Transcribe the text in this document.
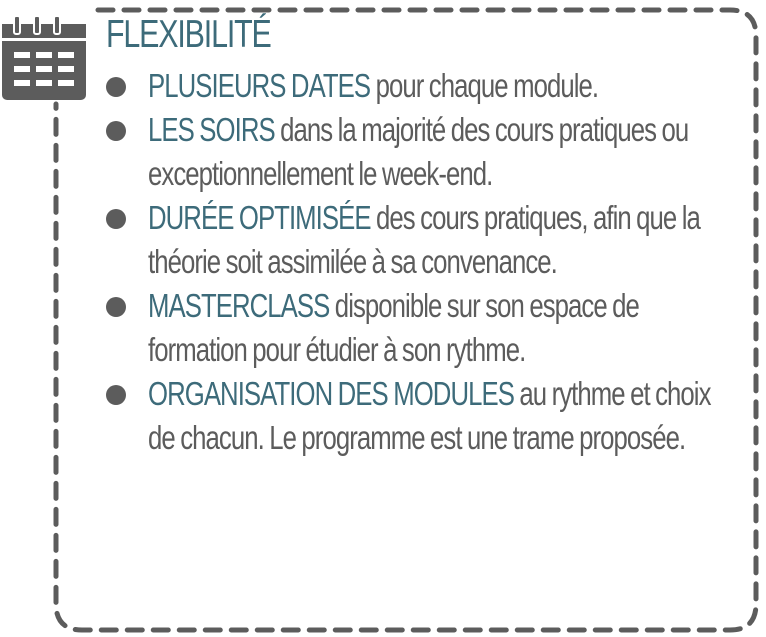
FLEXIBILITÉ
PLUSIEURS DATES pour chaque module.
LES SOIRS dans la majorité des cours pratiques ou exceptionnellement le week-end.
DURÉE OPTIMISÉE des cours pratiques, afin que la théorie soit assimilée à sa convenance.
MASTERCLASS disponible sur son espace de formation pour étudier à son rythme.
ORGANISATION DES MODULES au rythme et choix de chacun. Le programme est une trame proposée.
